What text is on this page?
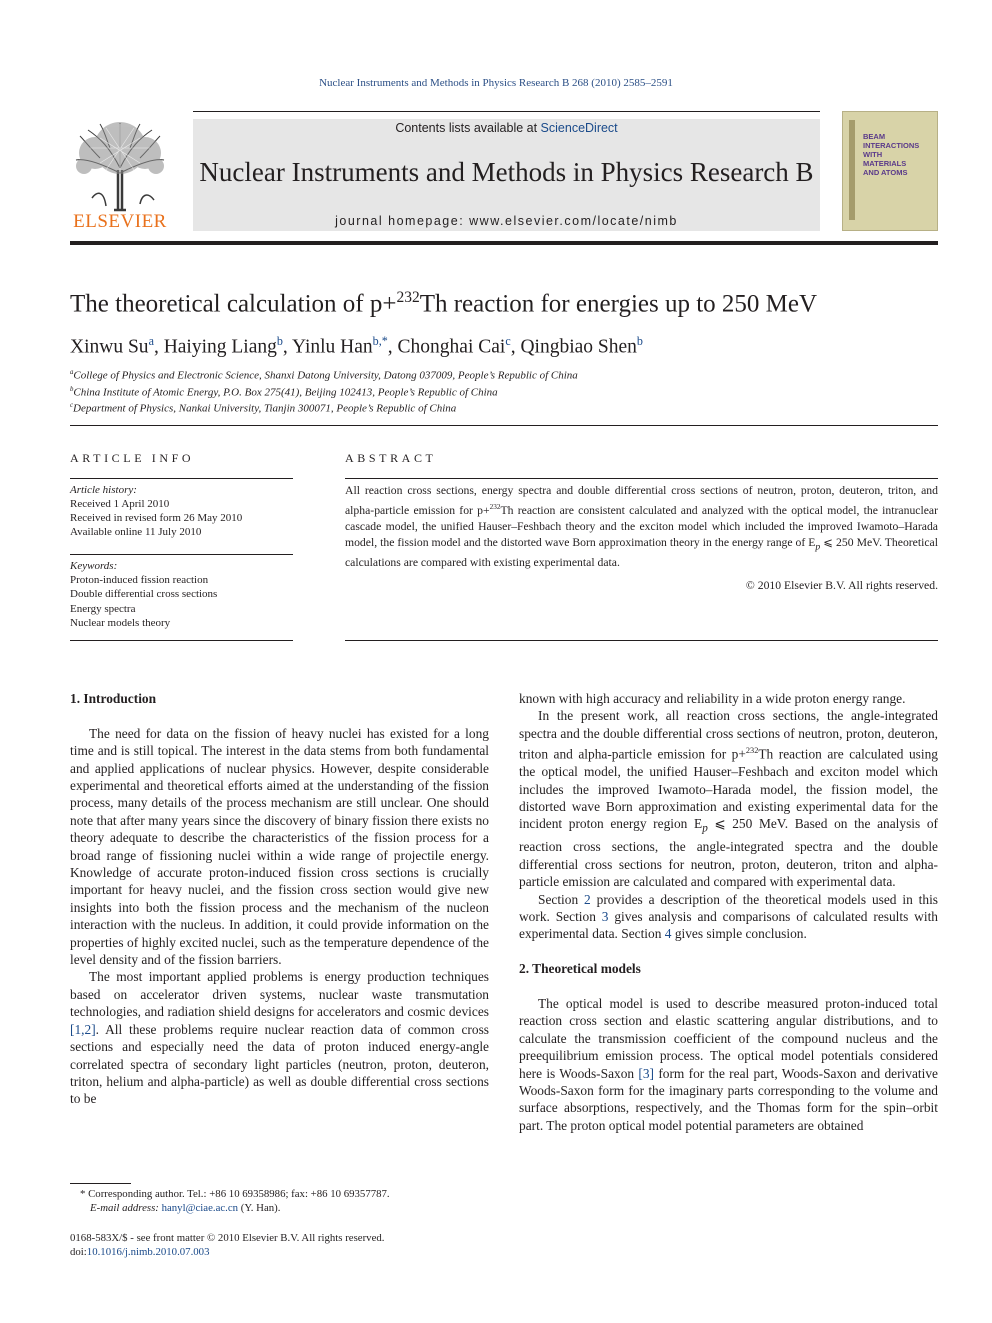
Nuclear Instruments and Methods in Physics Research B 268 (2010) 2585–2591
ELSEVIER
Contents lists available at ScienceDirect
Nuclear Instruments and Methods in Physics Research B
journal homepage: www.elsevier.com/locate/nimb
BEAM
INTERACTIONS
WITH
MATERIALS
AND ATOMS
The theoretical calculation of p+$^{232}$Th reaction for energies up to 250 MeV
Xinwu Su$^a$, Haiying Liang$^b$, Yinlu Han$^{b,*}$, Chonghai Cai$^c$, Qingbiao Shen$^b$
$^a$College of Physics and Electronic Science, Shanxi Datong University, Datong 037009, People’s Republic of China
$^b$China Institute of Atomic Energy, P.O. Box 275(41), Beijing 102413, People’s Republic of China
$^c$Department of Physics, Nankai University, Tianjin 300071, People’s Republic of China
ARTICLE INFO
Article history:
Received 1 April 2010
Received in revised form 26 May 2010
Available online 11 July 2010
Keywords:
Proton-induced fission reaction
Double differential cross sections
Energy spectra
Nuclear models theory
ABSTRACT
All reaction cross sections, energy spectra and double differential cross sections of neutron, proton, deuteron, triton, and alpha-particle emission for p+$^{232}$Th reaction are consistent calculated and analyzed with the optical model, the intranuclear cascade model, the unified Hauser–Feshbach theory and the exciton model which included the improved Iwamoto–Harada model, the fission model and the distorted wave Born approximation theory in the energy range of $E_p$ ⩽ 250 MeV. Theoretical calculations are compared with existing experimental data.
© 2010 Elsevier B.V. All rights reserved.
1. Introduction

The need for data on the fission of heavy nuclei has existed for a long time and is still topical. The interest in the data stems from both fundamental and applied applications of nuclear physics. However, despite considerable experimental and theoretical efforts aimed at the understanding of the fission process, many details of the process mechanism are still unclear. One should note that after many years since the discovery of binary fission there exists no theory adequate to describe the characteristics of the fission process for a broad range of fissioning nuclei within a wide range of projectile energy. Knowledge of accurate proton-induced fission cross sections is crucially important for heavy nuclei, and the fission cross section would give new insights into both the fission process and the mechanism of the nucleon interaction with the nucleus. In addition, it could provide information on the properties of highly excited nuclei, such as the temperature dependence of the level density and of the fission barriers.

The most important applied problems is energy production techniques based on accelerator driven systems, nuclear waste transmutation technologies, and radiation shield designs for accelerators and cosmic devices [1,2]. All these problems require nuclear reaction data of common cross sections and especially need the data of proton induced energy-angle correlated spectra of secondary light particles (neutron, proton, deuteron, triton, helium and alpha-particle) as well as double differential cross sections to be

known with high accuracy and reliability in a wide proton energy range.

In the present work, all reaction cross sections, the angle-integrated spectra and the double differential cross sections of neutron, proton, deuteron, triton and alpha-particle emission for p+$^{232}$Th reaction are calculated using the optical model, the unified Hauser–Feshbach and exciton model which includes the improved Iwamoto–Harada model, the fission model, the distorted wave Born approximation and existing experimental data for the incident proton energy region $E_p$ ⩽ 250 MeV. Based on the analysis of reaction cross sections, the angle-integrated spectra and the double differential cross sections for neutron, proton, deuteron, triton and alpha-particle emission are calculated and compared with experimental data.

Section 2 provides a description of the theoretical models used in this work. Section 3 gives analysis and comparisons of calculated results with experimental data. Section 4 gives simple conclusion.

2. Theoretical models

The optical model is used to describe measured proton-induced total reaction cross section and elastic scattering angular distributions, and to calculate the transmission coefficient of the compound nucleus and the preequilibrium emission process. The optical model potentials considered here is Woods-Saxon [3] form for the real part, Woods-Saxon and derivative Woods-Saxon form for the imaginary parts corresponding to the volume and surface absorptions, respectively, and the Thomas form for the spin–orbit part. The proton optical model potential parameters are obtained

* Corresponding author. Tel.: +86 10 69358986; fax: +86 10 69357787.
E-mail address: hanyl@ciae.ac.cn (Y. Han).
0168-583X/$ - see front matter © 2010 Elsevier B.V. All rights reserved.
doi:10.1016/j.nimb.2010.07.003
